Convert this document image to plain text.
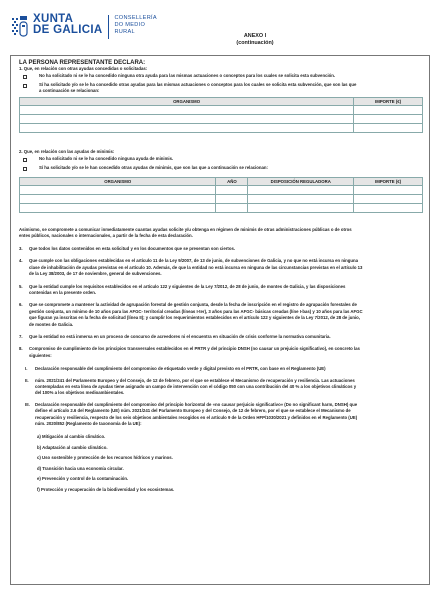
XUNTA
DE GALICIA
CONSELLERÍA
DO MEDIO
RURAL
ANEXO I
(continuación)
LA PERSONA REPRESENTANTE DECLARA:
1. Que, en relación con otras ayudas concedidas o solicitadas:
No ha solicitado ni se le ha concedido ninguna otra ayuda para las mismas actuaciones o conceptos para los cuales se solicita esta subvención.
Sí ha solicitado y/o se le ha concedido otras ayudas para las mismas actuaciones o conceptos para los cuales se solicita esta subvención, que son las que
a continuación se relacionan:
ORGANISMO	IMPORTE (€)

2. Que, en relación con las ayudas de minimis:
No ha solicitado ni se le ha concedido ninguna ayuda de minimis.
Sí ha solicitado y/o se le han concedido otras ayudas de minimis, que son las que a continuación se relacionan:
ORGANISMO	AÑO	DISPOSICIÓN REGULADORA	IMPORTE (€)

Asimismo, se compromete a comunicar inmediatamente cuantas ayudas solicite y/u obtenga en régimen de minimis de otras administraciones públicas o de otros
entes públicos, nacionales o internacionales, a partir de la fecha de esta declaración.
3. Que todos los datos contenidos en esta solicitud y en los documentos que se presentan son ciertos.
4. Que cumple con las obligaciones establecidas en el artículo 11 de la Ley 9/2007, de 13 de junio, de subvenciones de Galicia, y no que no está incursa en ninguna
clase de inhabilitación de ayudas previstas en el artículo 10. Además, de que la entidad no está incursa en ninguna de las circunstancias previstas en el artículo 13
de la Ley 38/2003, de 17 de noviembre, general de subvenciones.
5. Que la entidad cumple los requisitos establecidos en el artículo 122 y siguientes de la Ley 7/2012, de 28 de junio, de montes de Galicia, y las disposiciones
contenidas en la presente orden.
6. Que se compromete a mantener la actividad de agrupación forestal de gestión conjunta, desde la fecha de inscripción en el registro de agrupación forestales de
gestión conjunta, un mínimo de 10 años para las AFGC- territorial creadas (líneas I-ter), 3 años para las AFGC- básicas creadas (líne I-bas) y 10 años para las AFGC
que figuran ya inscritas en la fecha de solicitud (línea II); y cumplir los requerimientos establecidos en el artículo 122 y siguientes de la Ley 7/2012, de 28 de junio,
de montes de Galicia.
7. Que la entidad no está inmersa en un proceso de concurso de acreedores ni el encuentra en situación de crisis conforme la normativa comunitaria.
8. Compromiso de cumplimiento de los principios transversales establecidos en el PRTR y del principio DNSH (no causar un prejuicio significativo), en concreto las
siguientes:
I. Declaración responsable del cumplimiento del compromiso de etiquetado verde y digital previsto en el PRTR, con base en el Reglamento (UE)
II. núm. 2021/241 del Parlamento Europeo y del Consejo, de 12 de febrero, por el que se establece el Mecanismo de recuperación y resiliencia. Las actuaciones
contempladas en esta línea de ayudas tiene asignado un campo de intervención con el código 050 con una contribución del 40 % a los objetivos climáticos y
del 100% a los objetivos medioambientales.
III. Declaración responsable del cumplimiento del compromiso del principio horizontal de «no causar perjuicio significativo» (Do no significant harm, DNSH) que
define el artículo 2.6 del Reglamento (UE) núm. 2021/241 del Parlamento Europeo y del Consejo, de 12 de febrero, por el que se establece el Mecanismo de
recuperación y resiliencia, respecto de los seis objetivos ambientales recogidos en el artículo 9 de la Orden HFP/1030/2021 y definidos en el Reglamento (UE)
núm. 2020/852 (Reglamento de taxonomía de la UE):
a) Mitigación al cambio climático.
b) Adaptación al cambio climático.
c) Uso sostenible y protección de los recursos hídricos y marinos.
d) Transición hacia una economía circular.
e) Prevención y control de la contaminación.
f) Protección y recuperación de la biodiversidad y los ecosistemas.
